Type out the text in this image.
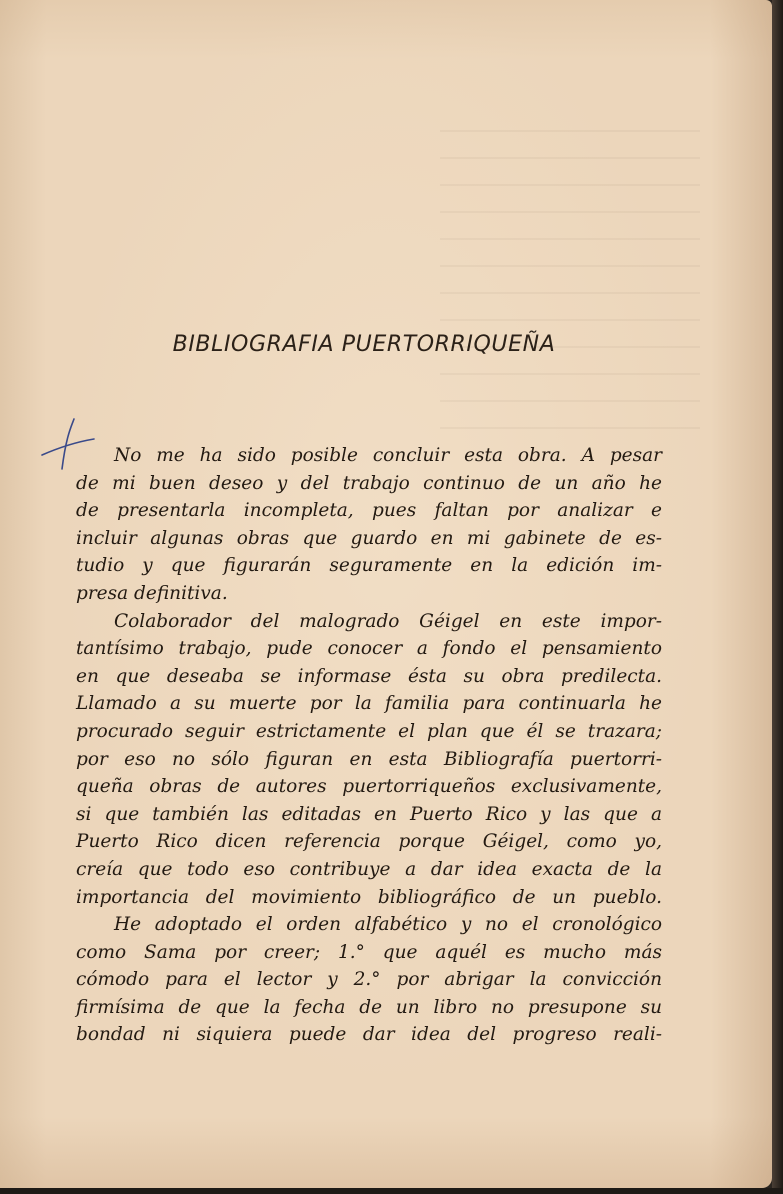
BIBLIOGRAFIA PUERTORRIQUEÑA
No me ha sido posible concluir esta obra. A pesar
de mi buen deseo y del trabajo continuo de un año he
de presentarla incompleta, pues faltan por analizar e
incluir algunas obras que guardo en mi gabinete de es-
tudio y que figurarán seguramente en la edición im-
presa definitiva.
Colaborador del malogrado Géigel en este impor-
tantísimo trabajo, pude conocer a fondo el pensamiento
en que deseaba se informase ésta su obra predilecta.
Llamado a su muerte por la familia para continuarla he
procurado seguir estrictamente el plan que él se trazara;
por eso no sólo figuran en esta Bibliografía puertorri-
queña obras de autores puertorriqueños exclusivamente,
si que también las editadas en Puerto Rico y las que a
Puerto Rico dicen referencia porque Géigel, como yo,
creía que todo eso contribuye a dar idea exacta de la
importancia del movimiento bibliográfico de un pueblo.
He adoptado el orden alfabético y no el cronológico
como Sama por creer; 1.° que aquél es mucho más
cómodo para el lector y 2.° por abrigar la convicción
firmísima de que la fecha de un libro no presupone su
bondad ni siquiera puede dar idea del progreso reali-
